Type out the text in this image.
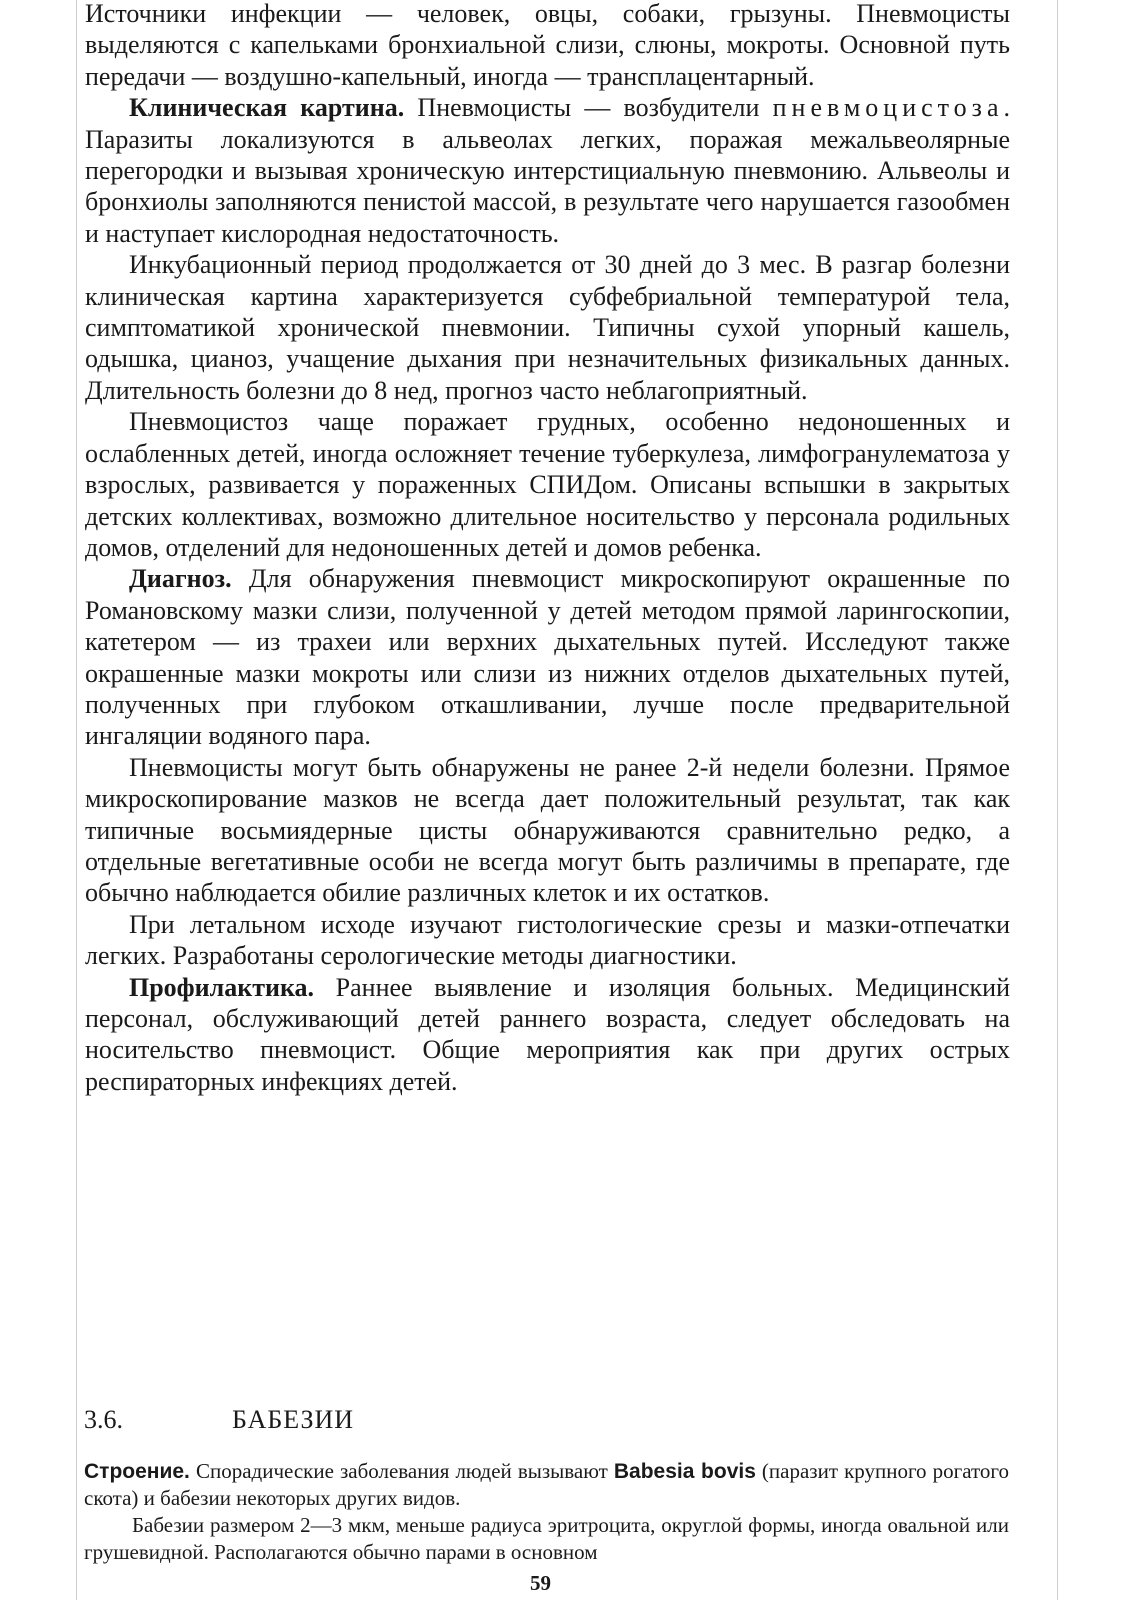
Источники инфекции — человек, овцы, собаки, грызуны. Пневмоцисты выделяются с капельками бронхиальной слизи, слюны, мокроты. Основной путь передачи — воздушно-капельный, иногда — трансплацентарный.

Клиническая картина. Пневмоцисты — возбудители пневмоцистоза. Паразиты локализуются в альвеолах легких, поражая межальвеолярные перегородки и вызывая хроническую интерстициальную пневмонию. Альвеолы и бронхиолы заполняются пенистой массой, в результате чего нарушается газообмен и наступает кислородная недостаточность.

Инкубационный период продолжается от 30 дней до 3 мес. В разгар болезни клиническая картина характеризуется субфебриальной температурой тела, симптоматикой хронической пневмонии. Типичны сухой упорный кашель, одышка, цианоз, учащение дыхания при незначительных физикальных данных. Длительность болезни до 8 нед, прогноз часто неблагоприятный.

Пневмоцистоз чаще поражает грудных, особенно недоношенных и ослабленных детей, иногда осложняет течение туберкулеза, лимфогранулематоза у взрослых, развивается у пораженных СПИДом. Описаны вспышки в закрытых детских коллективах, возможно длительное носительство у персонала родильных домов, отделений для недоношенных детей и домов ребенка.

Диагноз. Для обнаружения пневмоцист микроскопируют окрашенные по Романовскому мазки слизи, полученной у детей методом прямой ларингоскопии, катетером — из трахеи или верхних дыхательных путей. Исследуют также окрашенные мазки мокроты или слизи из нижних отделов дыхательных путей, полученных при глубоком откашливании, лучше после предварительной ингаляции водяного пара.

Пневмоцисты могут быть обнаружены не ранее 2-й недели болезни. Прямое микроскопирование мазков не всегда дает положительный результат, так как типичные восьмиядерные цисты обнаруживаются сравнительно редко, а отдельные вегетативные особи не всегда могут быть различимы в препарате, где обычно наблюдается обилие различных клеток и их остатков.

При летальном исходе изучают гистологические срезы и мазки-отпечатки легких. Разработаны серологические методы диагностики.

Профилактика. Раннее выявление и изоляция больных. Медицинский персонал, обслуживающий детей раннего возраста, следует обследовать на носительство пневмоцист. Общие мероприятия как при других острых респираторных инфекциях детей.

3.6.	БАБЕЗИИ

Строение. Спорадические заболевания людей вызывают Babesia bovis (паразит крупного рогатого скота) и бабезии некоторых других видов.

Бабезии размером 2—3 мкм, меньше радиуса эритроцита, округлой формы, иногда овальной или грушевидной. Располагаются обычно парами в основном

59
